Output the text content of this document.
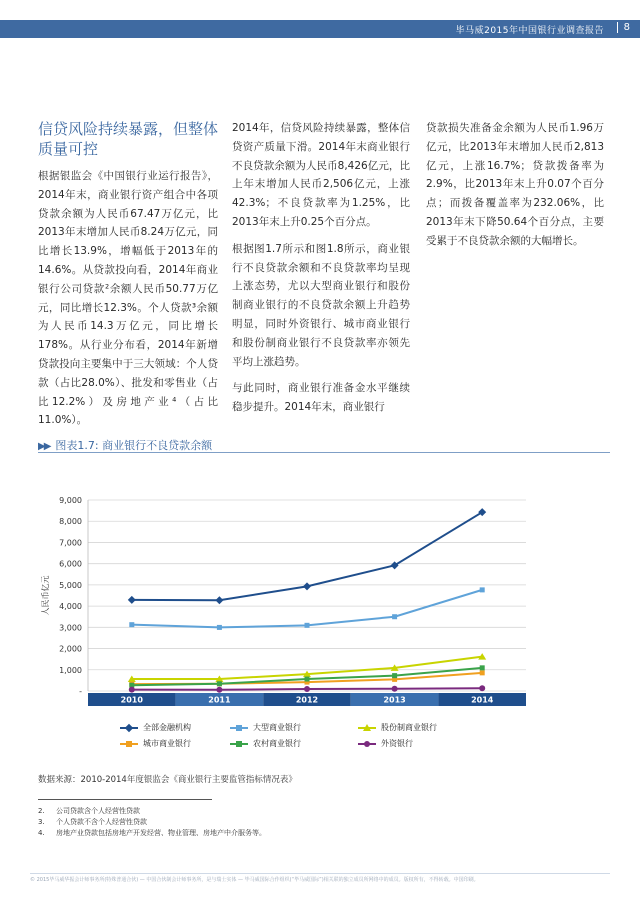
毕马威2015年中国银行业调查报告	8
信贷风险持续暴露，但整体质量可控

根据银监会《中国银行业运行报告》，2014年末，商业银行资产组合中各项贷款余额为人民币67.47万亿元，比2013年末增加人民币8.24万亿元，同比增长13.9%，增幅低于2013年的14.6%。从贷款投向看，2014年商业银行公司贷款²余额人民币50.77万亿元，同比增长12.3%。个人贷款³余额为人民币14.3万亿元，同比增长178%。从行业分布看，2014年新增贷款投向主要集中于三大领域：个人贷款（占比28.0%）、批发和零售业（占比12.2%）及房地产业⁴（占比11.0%）。

2014年，信贷风险持续暴露，整体信贷资产质量下滑。2014年末商业银行不良贷款余额为人民币8,426亿元，比上年末增加人民币2,506亿元，上涨42.3%；不良贷款率为1.25%，比2013年末上升0.25个百分点。

根据图1.7所示和图1.8所示，商业银行不良贷款余额和不良贷款率均呈现上涨态势，尤以大型商业银行和股份制商业银行的不良贷款余额上升趋势明显，同时外资银行、城市商业银行和股份制商业银行不良贷款率亦领先平均上涨趋势。

与此同时，商业银行准备金水平继续稳步提升。2014年末，商业银行

贷款损失准备金余额为人民币1.96万亿元，比2013年末增加人民币2,813亿元，上涨16.7%；贷款拨备率为2.9%，比2013年末上升0.07个百分点；而拨备覆盖率为232.06%，比2013年末下降50.64个百分点，主要受累于不良贷款余额的大幅增长。

▶▶ 图表1.7: 商业银行不良贷款余额
9,000
8,000
7,000
6,000
5,000
4,000
3,000
2,000
1,000
-
人民币亿元
2010	2011	2012	2013	2014
全部金融机构	大型商业银行	股份制商业银行
城市商业银行	农村商业银行	外资银行
数据来源：2010-2014年度银监会《商业银行主要监管指标情况表》
2. 公司贷款含个人经营性贷款
3. 个人贷款不含个人经营性贷款
4. 房地产业贷款包括房地产开发经营、物业管理、房地产中介服务等。
© 2015毕马威华振会计师事务所(特殊普通合伙) — 中国合伙制会计师事务所，是与瑞士实体 — 毕马威国际合作组织(“毕马威国际”)相关联的独立成员所网络中的成员。版权所有，不得转载。中国印刷。
